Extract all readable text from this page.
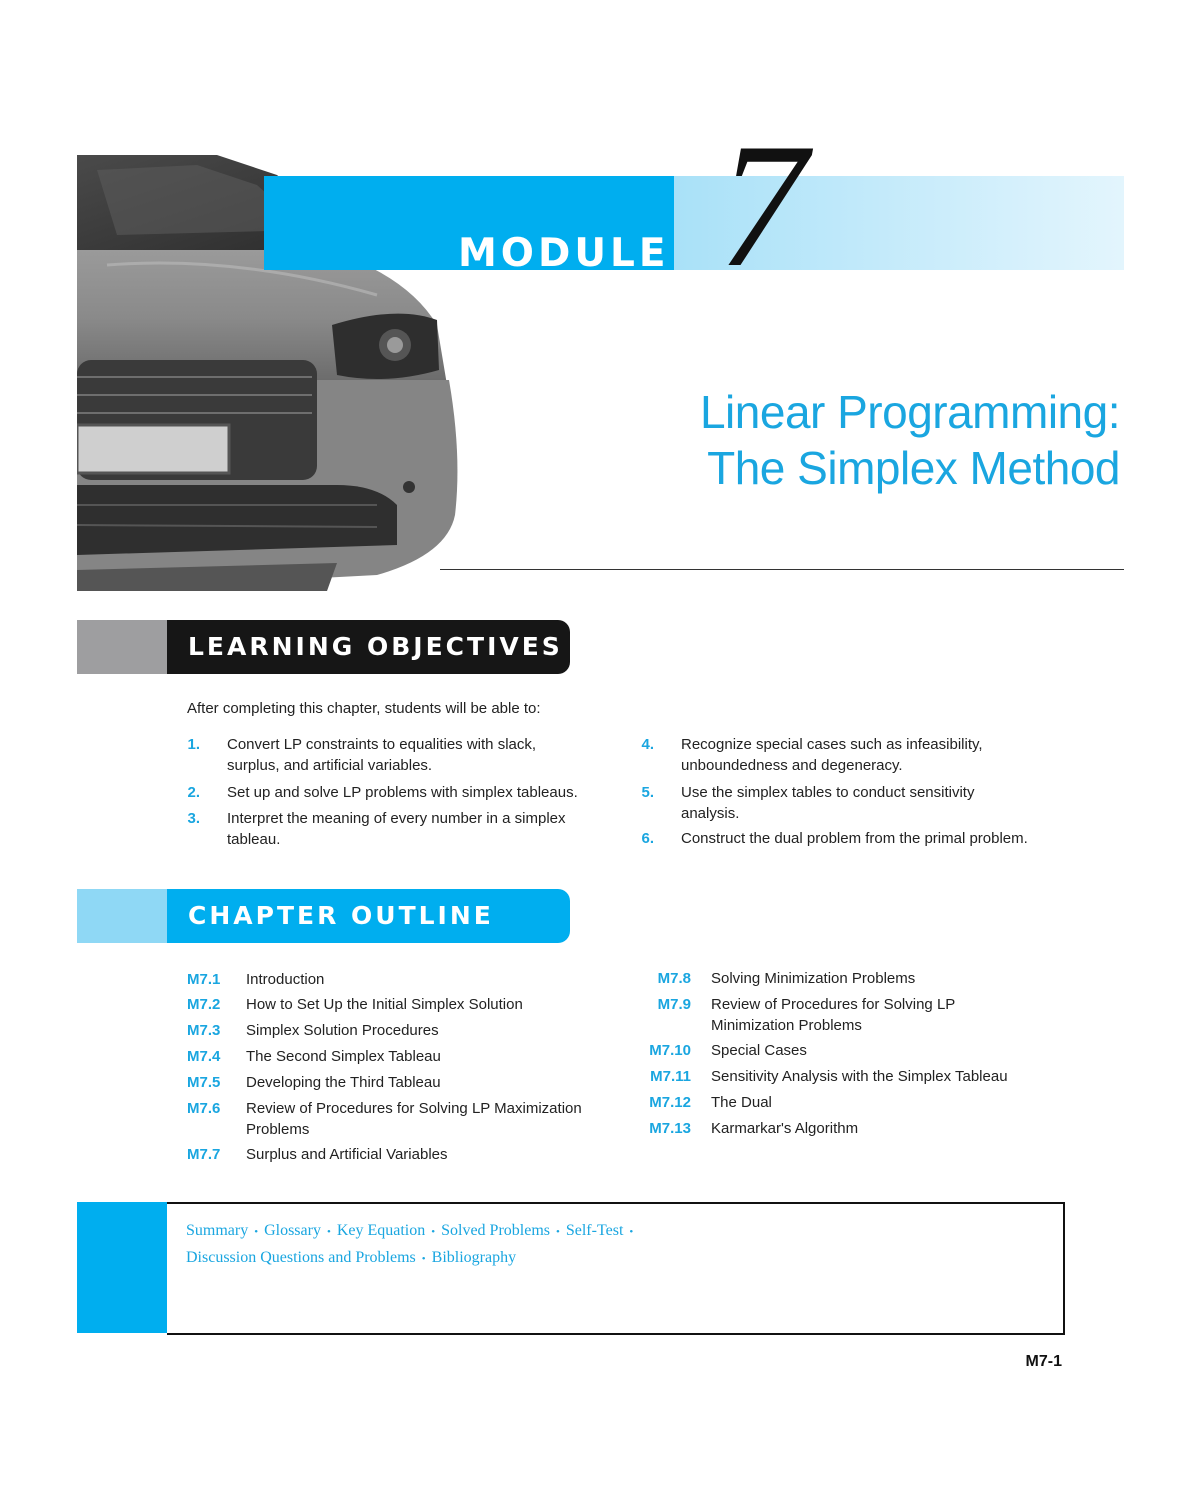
MODULE 7
Linear Programming:
The Simplex Method
LEARNING OBJECTIVES
After completing this chapter, students will be able to:
1. Convert LP constraints to equalities with slack, surplus, and artificial variables.
2. Set up and solve LP problems with simplex tableaus.
3. Interpret the meaning of every number in a simplex tableau.
4. Recognize special cases such as infeasibility, unboundedness and degeneracy.
5. Use the simplex tables to conduct sensitivity analysis.
6. Construct the dual problem from the primal problem.
CHAPTER OUTLINE
M7.1	Introduction
M7.2	How to Set Up the Initial Simplex Solution
M7.3	Simplex Solution Procedures
M7.4	The Second Simplex Tableau
M7.5	Developing the Third Tableau
M7.6	Review of Procedures for Solving LP Maximization Problems
M7.7	Surplus and Artificial Variables
M7.8 Solving Minimization Problems
M7.9 Review of Procedures for Solving LP Minimization Problems
M7.10 Special Cases
M7.11 Sensitivity Analysis with the Simplex Tableau
M7.12 The Dual
M7.13 Karmarkar's Algorithm
Summary • Glossary • Key Equation • Solved Problems • Self-Test •
Discussion Questions and Problems • Bibliography
M7-1
